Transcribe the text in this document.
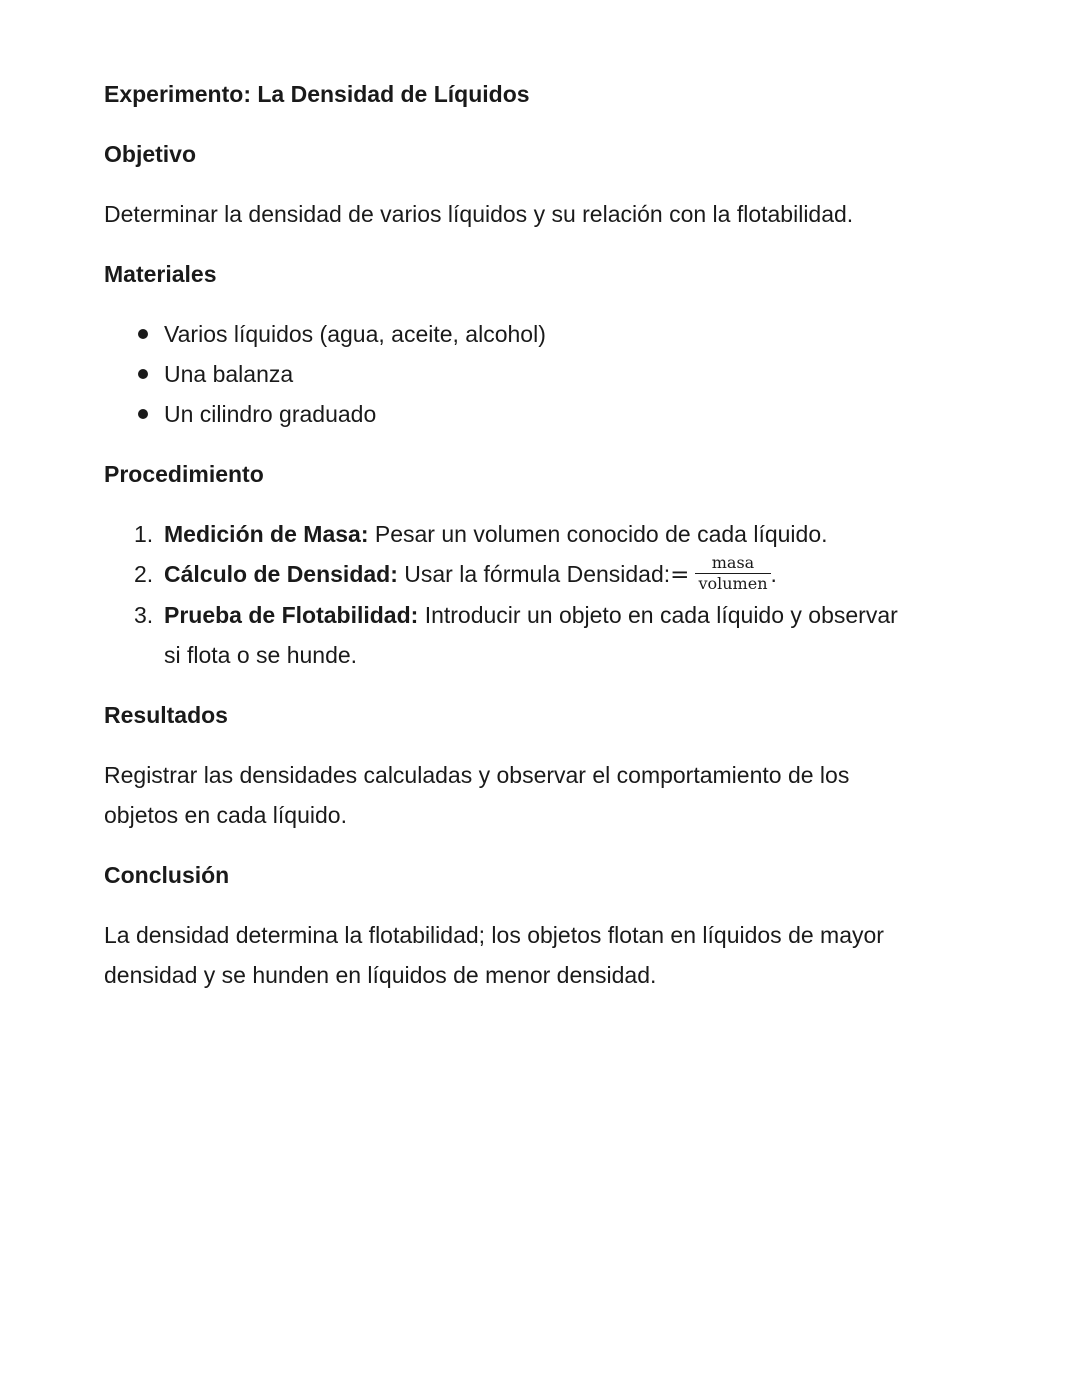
Experimento: La Densidad de Líquidos
Objetivo

Determinar la densidad de varios líquidos y su relación con la flotabilidad.

Materiales
Varios líquidos (agua, aceite, alcohol)
Una balanza
Un cilindro graduado
Procedimiento
1. Medición de Masa: Pesar un volumen conocido de cada líquido.
2. Cálculo de Densidad: Usar la fórmula Densidad:= $\frac{\text{masa}}{\text{volumen}}$ .
3. Prueba de Flotabilidad: Introducir un objeto en cada líquido y observar si flota o se hunde.
Resultados

Registrar las densidades calculadas y observar el comportamiento de los objetos en cada líquido.

Conclusión

La densidad determina la flotabilidad; los objetos flotan en líquidos de mayor densidad y se hunden en líquidos de menor densidad.
